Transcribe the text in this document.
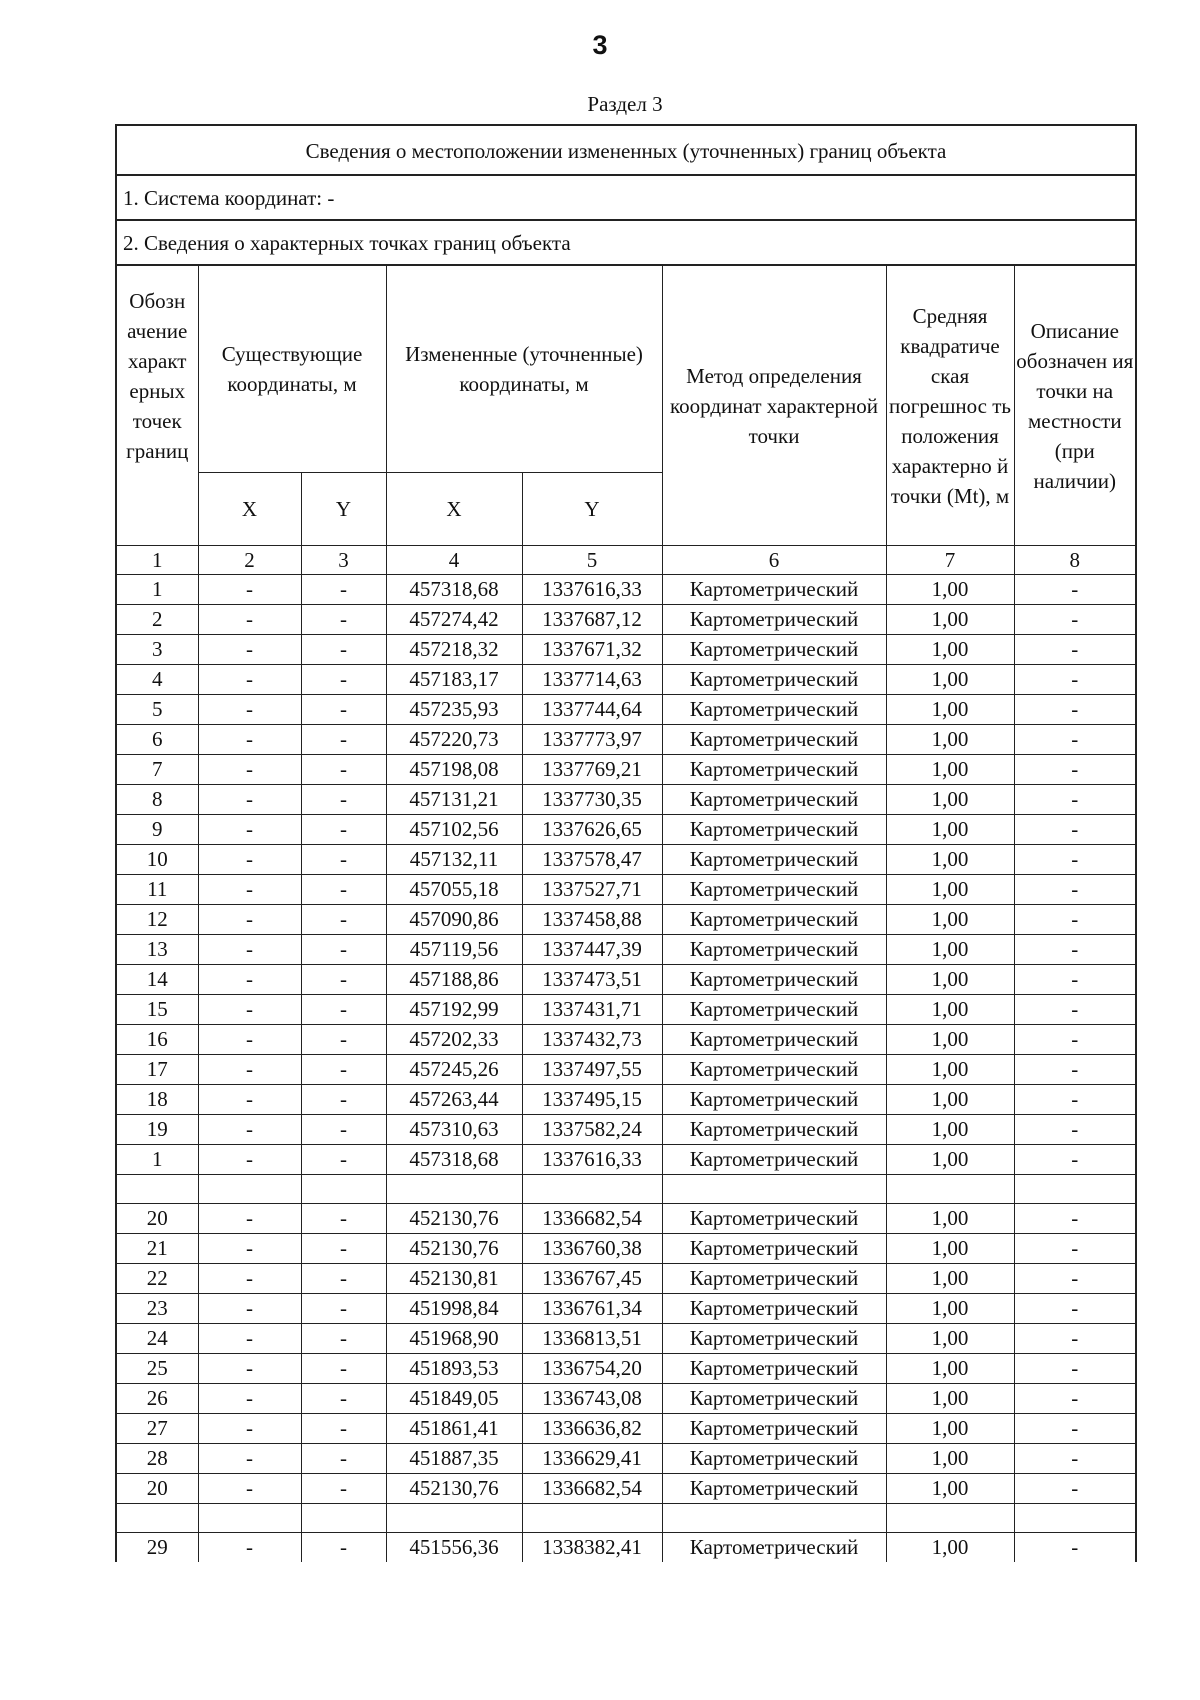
3
Раздел 3
Сведения о местоположении измененных (уточненных) границ объекта
1. Система координат: -
2. Сведения о характерных точках границ объекта
Обозн ачение характ ерных точек границ	Существующие координаты, м		Измененные (уточненные) координаты, м		Метод определения координат характерной точки	Средняя квадратиче ская погрешнос ть положения характерно й точки (Mt), м	Описание обозначен ия точки на местности (при наличии)
	X	Y	X	Y			
1	2	3	4	5	6	7	8
1	-	-	457318,68	1337616,33	Картометрический	1,00	-
2	-	-	457274,42	1337687,12	Картометрический	1,00	-
3	-	-	457218,32	1337671,32	Картометрический	1,00	-
4	-	-	457183,17	1337714,63	Картометрический	1,00	-
5	-	-	457235,93	1337744,64	Картометрический	1,00	-
6	-	-	457220,73	1337773,97	Картометрический	1,00	-
7	-	-	457198,08	1337769,21	Картометрический	1,00	-
8	-	-	457131,21	1337730,35	Картометрический	1,00	-
9	-	-	457102,56	1337626,65	Картометрический	1,00	-
10	-	-	457132,11	1337578,47	Картометрический	1,00	-
11	-	-	457055,18	1337527,71	Картометрический	1,00	-
12	-	-	457090,86	1337458,88	Картометрический	1,00	-
13	-	-	457119,56	1337447,39	Картометрический	1,00	-
14	-	-	457188,86	1337473,51	Картометрический	1,00	-
15	-	-	457192,99	1337431,71	Картометрический	1,00	-
16	-	-	457202,33	1337432,73	Картометрический	1,00	-
17	-	-	457245,26	1337497,55	Картометрический	1,00	-
18	-	-	457263,44	1337495,15	Картометрический	1,00	-
19	-	-	457310,63	1337582,24	Картометрический	1,00	-
1	-	-	457318,68	1337616,33	Картометрический	1,00	-

20	-	-	452130,76	1336682,54	Картометрический	1,00	-
21	-	-	452130,76	1336760,38	Картометрический	1,00	-
22	-	-	452130,81	1336767,45	Картометрический	1,00	-
23	-	-	451998,84	1336761,34	Картометрический	1,00	-
24	-	-	451968,90	1336813,51	Картометрический	1,00	-
25	-	-	451893,53	1336754,20	Картометрический	1,00	-
26	-	-	451849,05	1336743,08	Картометрический	1,00	-
27	-	-	451861,41	1336636,82	Картометрический	1,00	-
28	-	-	451887,35	1336629,41	Картометрический	1,00	-
20	-	-	452130,76	1336682,54	Картометрический	1,00	-

29	-	-	451556,36	1338382,41	Картометрический	1,00	-
